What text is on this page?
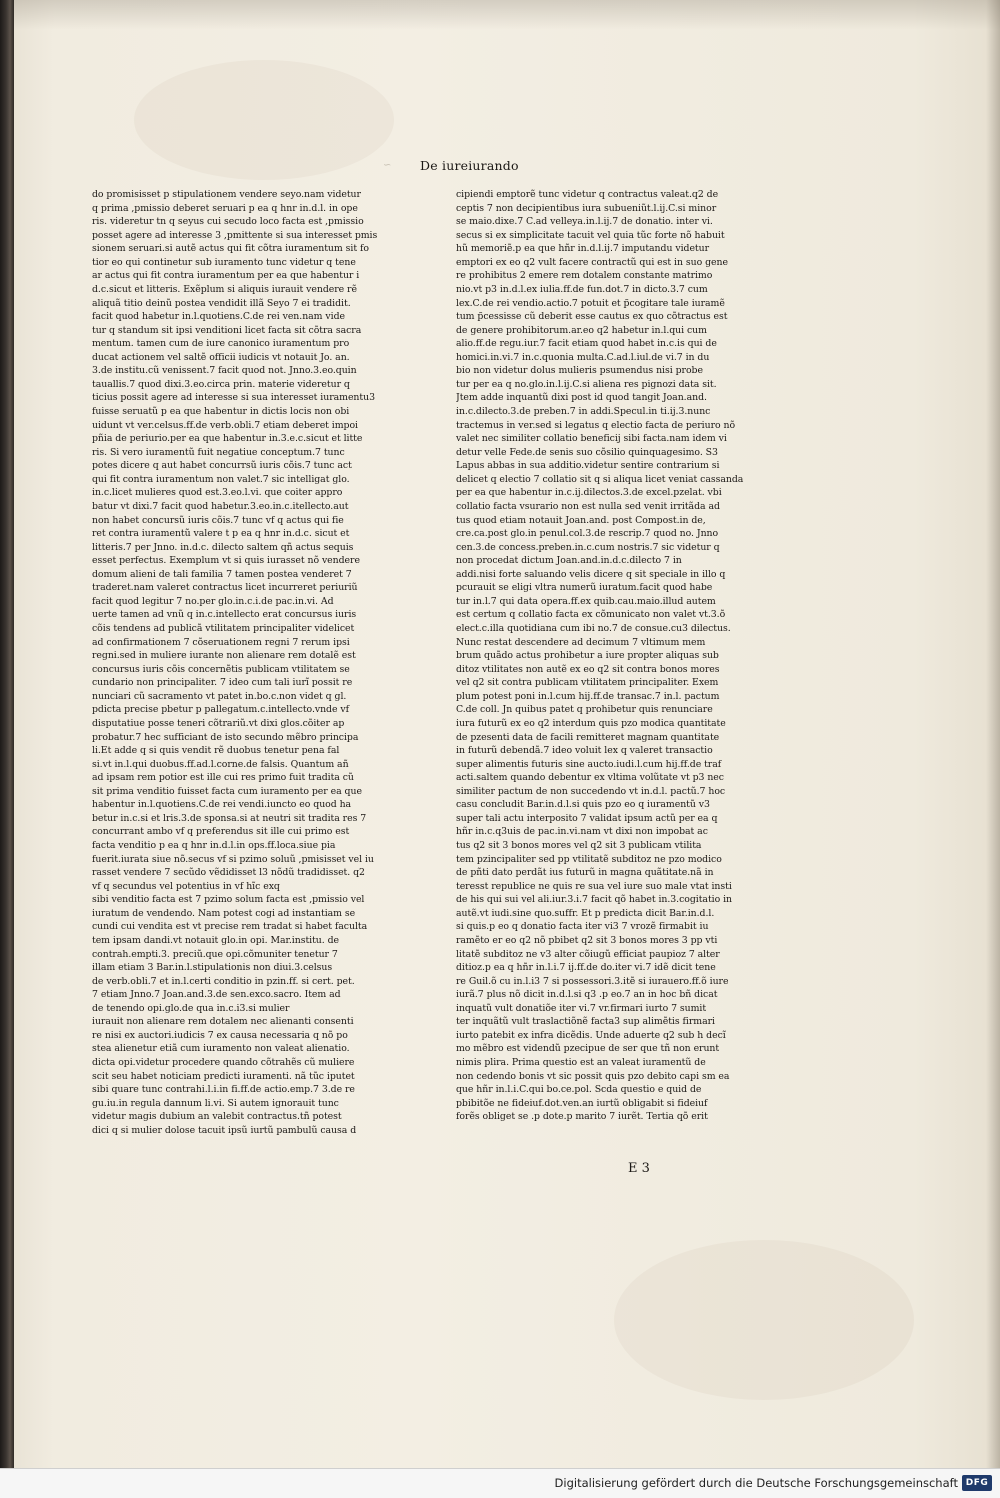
∽ De iureiurando
do promisisset p stipulationem vendere seyo.nam videtur
q prima ,pmissio deberet seruari p ea q hnr in.d.l. in ope
ris. videretur tn q seyus cui secudo loco facta est ,pmissio
posset agere ad interesse 3 ,pmittente si sua interesset pmis
sionem seruari.si autẽ actus qui fit cõtra iuramentum sit fo
tior eo qui continetur sub iuramento tunc videtur q tene
ar actus qui fit contra iuramentum per ea que habentur i
d.c.sicut et litteris. Exẽplum si aliquis iurauit vendere rẽ
aliquã titio deinũ postea vendidit illã Seyo 7 ei tradidit.
facit quod habetur in.l.quotiens.C.de rei ven.nam vide
tur q standum sit ipsi venditioni licet facta sit cõtra sacra
mentum. tamen cum de iure canonico iuramentum pro
ducat actionem vel saltẽ officii iudicis vt notauit Jo. an.
3.de institu.cũ venissent.7 facit quod not. Jnno.3.eo.quin
tauallis.7 quod dixi.3.eo.circa prin. materie videretur q
ticius possit agere ad interesse si sua interesset iuramentu3
fuisse seruatũ p ea que habentur in dictis locis non obi
uidunt vt ver.celsus.ff.de verb.obli.7 etiam deberet impoi
pñia de periurio.per ea que habentur in.3.e.c.sicut et litte
ris. Si vero iuramentũ fuit negatiue conceptum.7 tunc
potes dicere q aut habet concurrsũ iuris cõis.7 tunc act
qui fit contra iuramentum non valet.7 sic intelligat glo.
in.c.licet mulieres quod est.3.eo.l.vi. que coiter appro
batur vt dixi.7 facit quod habetur.3.eo.in.c.itellecto.aut
non habet concursũ iuris cõis.7 tunc vf q actus qui fie
ret contra iuramentũ valere t p ea q hnr in.d.c. sicut et
litteris.7 per Jnno. in.d.c. dilecto saltem qñ actus sequis
esset perfectus. Exemplum vt si quis iurasset nõ vendere
domum alieni de tali familia 7 tamen postea venderet 7
traderet.nam valeret contractus licet incurreret periuriũ
facit quod legitur 7 no.per glo.in.c.i.de pac.in.vi. Ad
uerte tamen ad vnũ q in.c.intellecto erat concursus iuris
cõis tendens ad publicã vtilitatem principaliter videlicet
ad confirmationem 7 cõseruationem regni 7 rerum ipsi
regni.sed in muliere iurante non alienare rem dotalẽ est
concursus iuris cõis concernẽtis publicam vtilitatem se
cundario non principaliter. 7 ideo cum tali iurĩ possit re
nunciari cũ sacramento vt patet in.bo.c.non videt q gl.
pdicta precise pbetur p pallegatum.c.intellecto.vnde vf
disputatiue posse teneri cõtrariũ.vt dixi glos.cõiter ap
probatur.7 hec sufficiant de isto secundo mẽbro principa
li.Et adde q si quis vendit rẽ duobus tenetur pena fal
si.vt in.l.qui duobus.ff.ad.l.corne.de falsis. Quantum añ
ad ipsam rem potior est ille cui res primo fuit tradita cũ
sit prima venditio fuisset facta cum iuramento per ea que
habentur in.l.quotiens.C.de rei vendi.iuncto eo quod ha
betur in.c.si et lris.3.de sponsa.si at neutri sit tradita res 7
concurrant ambo vf q preferendus sit ille cui primo est
facta venditio p ea q hnr in.d.l.in ops.ff.loca.siue pia
fuerit.iurata siue nõ.secus vf si pzimo soluũ ,pmisisset vel iu
rasset vendere 7 secũdo vẽdidisset l3 nõdũ tradidisset. q2
vf q secundus vel potentius in vf hĩc exq
sibi venditio facta est 7 pzimo solum facta est ,pmissio vel
iuratum de vendendo. Nam potest cogi ad instantiam se
cundi cui vendita est vt precise rem tradat si habet faculta
tem ipsam dandi.vt notauit glo.in opi. Mar.institu. de
contrah.empti.3. preciũ.que opi.cõmuniter tenetur 7
illam etiam 3 Bar.in.l.stipulationis non diui.3.celsus
de verb.obli.7 et in.l.certi conditio in pzin.ff. si cert. pet.
7 etiam Jnno.7 Joan.and.3.de sen.exco.sacro. Item ad
de tenendo opi.glo.de qua in.c.i3.si mulier
iurauit non alienare rem dotalem nec alienanti consenti
re nisi ex auctori.iudicis 7 ex causa necessaria q nõ po
stea alienetur etiã cum iuramento non valeat alienatio.
dicta opi.videtur procedere quando cõtrahẽs cũ muliere
scit seu habet noticiam predicti iuramenti. nã tũc iputet
sibi quare tunc contrahi.l.i.in fi.ff.de actio.emp.7 3.de re
gu.iu.in regula dannum li.vi. Si autem ignorauit tunc
videtur magis dubium an valebit contractus.tñ potest
dici q si mulier dolose tacuit ipsũ iurtũ pambulũ causa d
cipiendi emptorẽ tunc videtur q contractus valeat.q2 de
ceptis 7 non decipientibus iura subueniũt.l.ij.C.si minor
se maio.dixe.7 C.ad velleya.in.l.ij.7 de donatio. inter vi.
secus si ex simplicitate tacuit vel quia tũc forte nõ habuit
hũ memoriẽ.p ea que hñr in.d.l.ij.7 imputandu videtur
emptori ex eo q2 vult facere contractũ qui est in suo gene
re prohibitus 2 emere rem dotalem constante matrimo
nio.vt p3 in.d.l.ex iulia.ff.de fun.dot.7 in dicto.3.7 cum
lex.C.de rei vendio.actio.7 potuit et p̃cogitare tale iuramẽ
tum p̃cessisse cũ deberit esse cautus ex quo cõtractus est
de genere prohibitorum.ar.eo q2 habetur in.l.qui cum
alio.ff.de regu.iur.7 facit etiam quod habet in.c.is qui de
homici.in.vi.7 in.c.quonia multa.C.ad.l.iul.de vi.7 in du
bio non videtur dolus mulieris psumendus nisi probe
tur per ea q no.glo.in.l.ij.C.si aliena res pignozi data sit.
Jtem adde inquantũ dixi post id quod tangit Joan.and.
in.c.dilecto.3.de preben.7 in addi.Specul.in ti.ij.3.nunc
tractemus in ver.sed si legatus q electio facta de periuro nõ
valet nec similiter collatio beneficij sibi facta.nam idem vi
detur velle Fede.de senis suo cõsilio quinquagesimo. S3
Lapus abbas in sua additio.videtur sentire contrarium si
delicet q electio 7 collatio sit q si aliqua licet veniat cassanda
per ea que habentur in.c.ij.dilectos.3.de excel.pzelat. vbi
collatio facta vsurario non est nulla sed venit irritãda ad
tus quod etiam notauit Joan.and. post Compost.in de,
cre.ca.post glo.in penul.col.3.de rescrip.7 quod no. Jnno
cen.3.de concess.preben.in.c.cum nostris.7 sic videtur q
non procedat dictum Joan.and.in.d.c.dilecto 7 in
addi.nisi forte saluando velis dicere q sit speciale in illo q
pcurauit se eligi vltra numerũ iuratum.facit quod habe
tur in.l.7 qui data opera.ff.ex quib.cau.maio.illud autem
est certum q collatio facta ex cõmunicato non valet vt.3.õ
elect.c.illa quotidiana cum ibi no.7 de consue.cu3 dilectus.
Nunc restat descendere ad decimum 7 vltimum mem
brum quãdo actus prohibetur a iure propter aliquas sub
ditoz vtilitates non autẽ ex eo q2 sit contra bonos mores
vel q2 sit contra publicam vtilitatem principaliter. Exem
plum potest poni in.l.cum hij.ff.de transac.7 in.l. pactum
C.de coll. Jn quibus patet q prohibetur quis renunciare
iura futurũ ex eo q2 interdum quis pzo modica quantitate
de pzesenti data de facili remitteret magnam quantitate
in futurũ debendã.7 ideo voluit lex q valeret transactio
super alimentis futuris sine aucto.iudi.l.cum hij.ff.de traf
acti.saltem quando debentur ex vltima volũtate vt p3 nec
similiter pactum de non succedendo vt in.d.l. pactũ.7 hoc
casu concludit Bar.in.d.l.si quis pzo eo q iuramentũ v3
super tali actu interposito 7 validat ipsum actũ per ea q
hñr in.c.q3uis de pac.in.vi.nam vt dixi non impobat ac
tus q2 sit 3 bonos mores vel q2 sit 3 publicam vtilita
tem pzincipaliter sed pp vtilitatẽ subditoz ne pzo modico
de pñti dato perdãt ius futurũ in magna quãtitate.nã in
teresst republice ne quis re sua vel iure suo male vtat insti
de his qui sui vel ali.iur.3.i.7 facit qõ habet in.3.cogitatio in
autẽ.vt iudi.sine quo.suffr. Et p predicta dicit Bar.in.d.l.
si quis.p eo q donatio facta iter vi3 7 vrozẽ firmabit iu
ramẽto er eo q2 nõ pbibet q2 sit 3 bonos mores 3 pp vti
litatẽ subditoz ne v3 alter cõiugũ efficiat paupioz 7 alter
ditioz.p ea q hñr in.l.i.7 ij.ff.de do.iter vi.7 idẽ dicit tene
re Guil.õ cu in.l.i3 7 si possessori.3.itẽ si iurauero.ff.õ iure
iurã.7 plus nõ dicit in.d.l.si q3 .p eo.7 an in hoc bñ dicat
inquatũ vult donatiõe iter vi.7 vr.firmari iurto 7 sumit
ter inquãtũ vult traslactiõnẽ facta3 sup alimẽtis firmari
iurto patebit ex infra dicẽdis. Unde aduerte q2 sub h decĩ
mo mẽbro est videndũ pzecipue de ser que tñ non erunt
nimis plira. Prima questio est an valeat iuramentũ de
non cedendo bonis vt sic possit quis pzo debito capi sm ea
que hñr in.l.i.C.qui bo.ce.pol. Scda questio e quid de
pbibitõe ne fideiuf.dot.ven.an iurtũ obligabit si fideiuf
forẽs obliget se .p dote.p marito 7 iurẽt. Tertia qõ erit
E 3
Digitalisierung gefördert durch die Deutsche Forschungsgemeinschaft DFG
